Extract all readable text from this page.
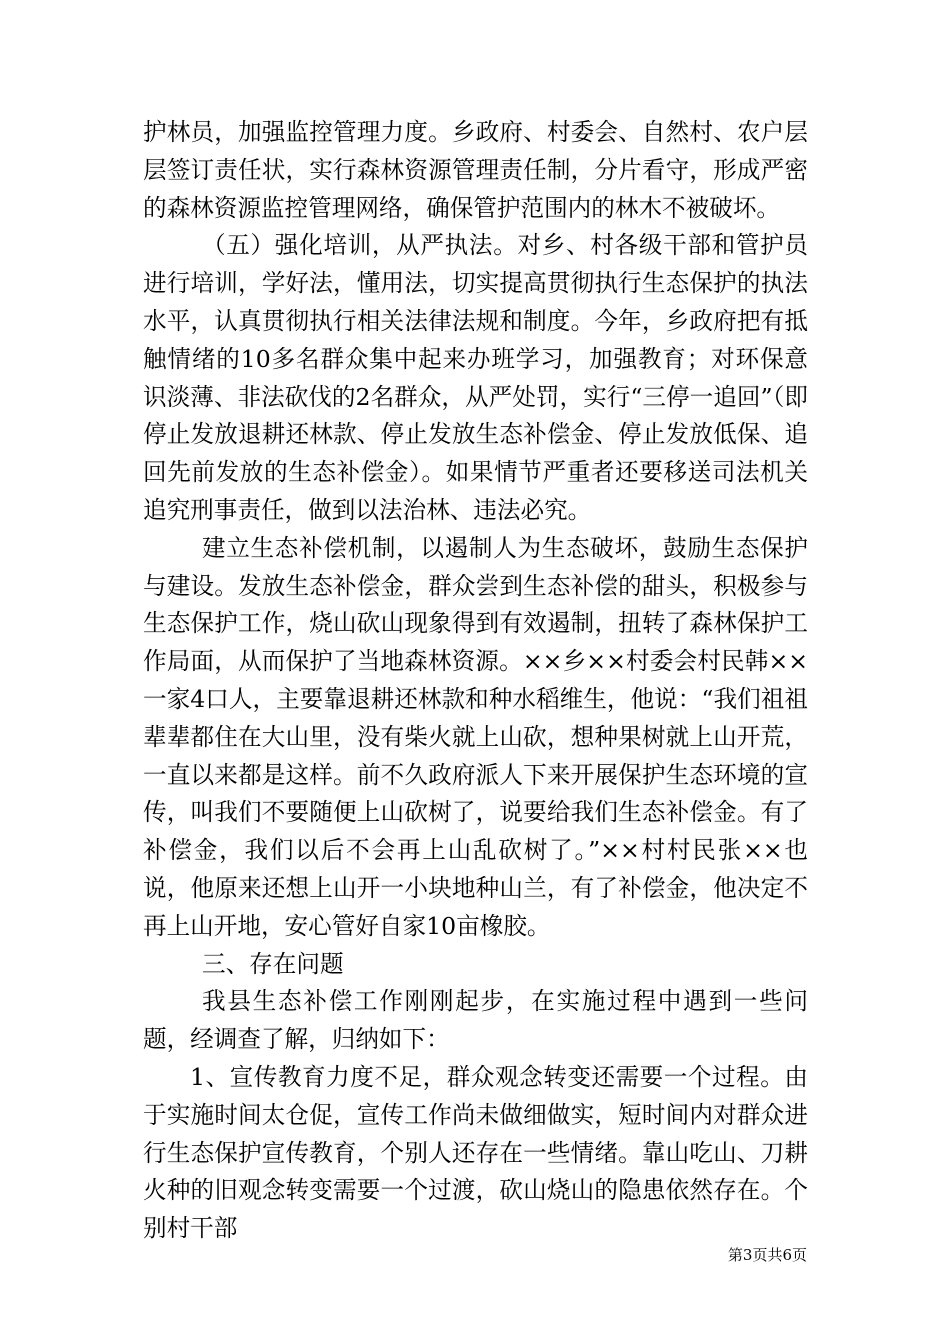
护林员，加强监控管理力度。乡政府、村委会、自然村、农户层层签订责任状，实行森林资源管理责任制，分片看守，形成严密的森林资源监控管理网络，确保管护范围内的林木不被破坏。

（五）强化培训，从严执法。对乡、村各级干部和管护员进行培训，学好法，懂用法，切实提高贯彻执行生态保护的执法水平，认真贯彻执行相关法律法规和制度。今年，乡政府把有抵触情绪的10多名群众集中起来办班学习，加强教育；对环保意识淡薄、非法砍伐的2名群众，从严处罚，实行“三停一追回”（即停止发放退耕还林款、停止发放生态补偿金、停止发放低保、追回先前发放的生态补偿金）。如果情节严重者还要移送司法机关追究刑事责任，做到以法治林、违法必究。

建立生态补偿机制，以遏制人为生态破坏，鼓励生态保护与建设。发放生态补偿金，群众尝到生态补偿的甜头，积极参与生态保护工作，烧山砍山现象得到有效遏制，扭转了森林保护工作局面，从而保护了当地森林资源。××乡××村委会村民韩××一家4口人，主要靠退耕还林款和种水稻维生，他说：“我们祖祖辈辈都住在大山里，没有柴火就上山砍，想种果树就上山开荒，一直以来都是这样。前不久政府派人下来开展保护生态环境的宣传，叫我们不要随便上山砍树了，说要给我们生态补偿金。有了补偿金，我们以后不会再上山乱砍树了。”××村村民张××也说，他原来还想上山开一小块地种山兰，有了补偿金，他决定不再上山开地，安心管好自家10亩橡胶。

三、存在问题

我县生态补偿工作刚刚起步，在实施过程中遇到一些问题，经调查了解，归纳如下：

1、宣传教育力度不足，群众观念转变还需要一个过程。由于实施时间太仓促，宣传工作尚未做细做实，短时间内对群众进行生态保护宣传教育，个别人还存在一些情绪。靠山吃山、刀耕火种的旧观念转变需要一个过渡，砍山烧山的隐患依然存在。个别村干部

第3页共6页
